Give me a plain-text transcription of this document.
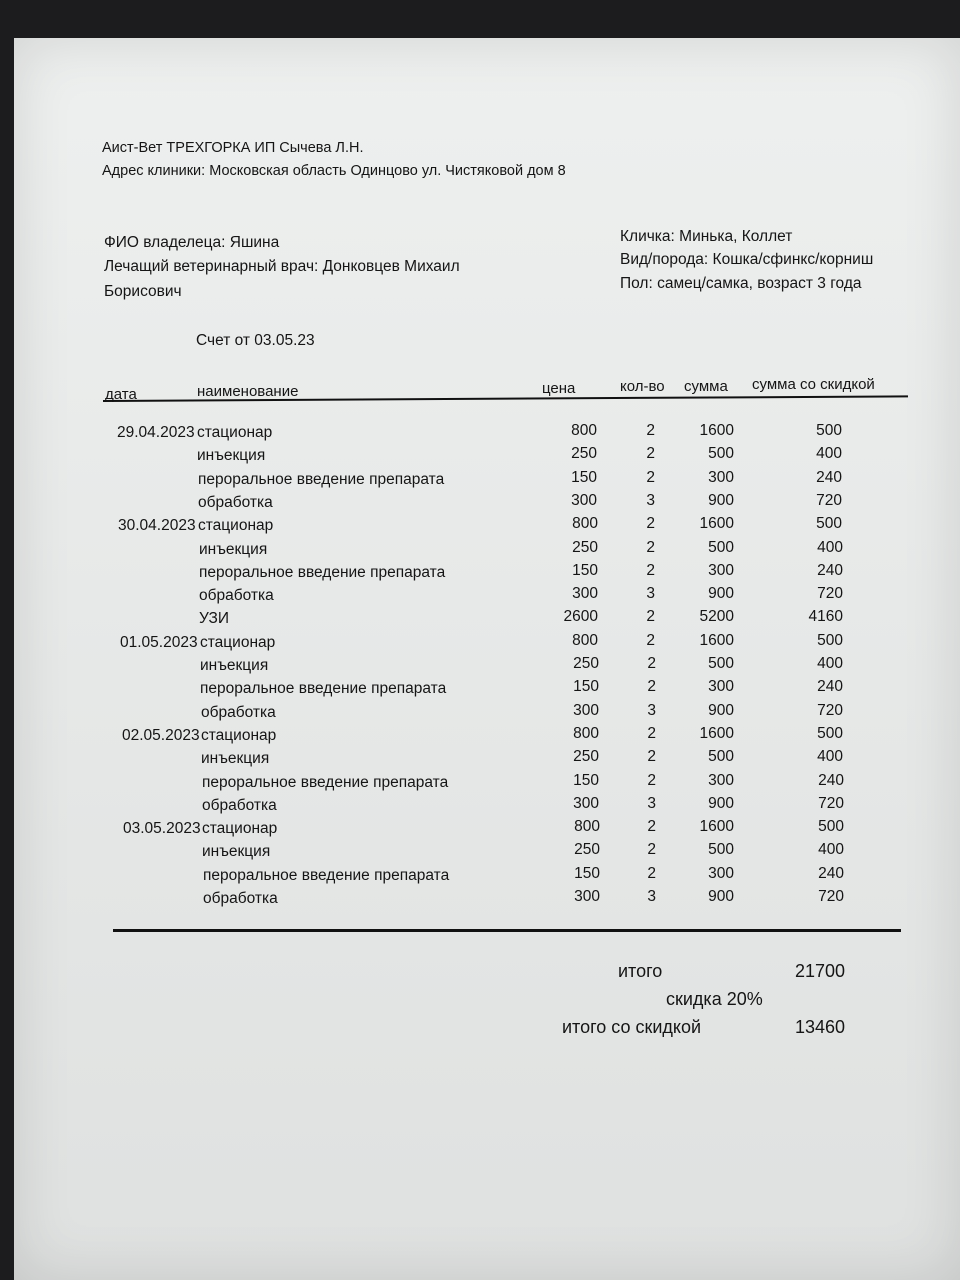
Аист-Вет ТРЕХГОРКА ИП Сычева Л.Н.
Адрес клиники: Московская область Одинцово ул. Чистяковой дом 8
ФИО владелеца: Яшина
Лечащий ветеринарный врач: Донковцев Михаил
Борисович
Кличка: Минька, Коллет
Вид/порода: Кошка/сфинкс/корниш
Пол: самец/самка, возраст 3 года
Счет от 03.05.23
дата	наименование	цена	кол-во сумма сумма со скидкой
29.04.2023 стационар	800	2	1600	500
инъекция	250	2	500	400
пероральное введение препарата	150	2	300	240
обработка	300	3	900	720
30.04.2023 стационар	800	2	1600	500
инъекция	250	2	500	400
пероральное введение препарата	150	2	300	240
обработка	300	3	900	720
УЗИ	2600	2	5200	4160
01.05.2023 стационар	800	2	1600	500
инъекция	250	2	500	400
пероральное введение препарата	150	2	300	240
обработка	300	3	900	720
02.05.2023 стационар	800	2	1600	500
инъекция	250	2	500	400
пероральное введение препарата	150	2	300	240
обработка	300	3	900	720
03.05.2023 стационар	800	2	1600	500
инъекция	250	2	500	400
пероральное введение препарата	150	2	300	240
обработка	300	3	900	720
итого	21700
скидка 20%
итого со скидкой	13460
